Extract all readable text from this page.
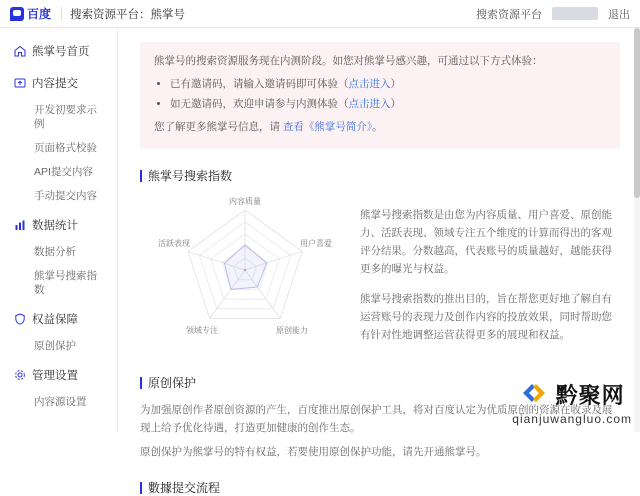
百度 搜索资源平台：熊掌号	搜索资源平台	退出
熊掌号首页
内容提交
开发初要求示例
页面格式校验
API提交内容
手动提交内容
数据统计
数据分析
熊掌号搜索指数
权益保障
原创保护
管理设置
内容源设置
熊掌号的搜索资源服务现在内测阶段。如您对熊掌号感兴趣，可通过以下方式体验：
• 已有邀请码，请输入邀请码即可体验（点击进入）
• 如无邀请码，欢迎申请参与内测体验（点击进入）
您了解更多熊掌号信息，请 查看《熊掌号简介》。
熊掌号搜索指数
内容质量
用户喜爱
原创能力
领域专注
活跃表现

熊掌号搜索指数是由您为内容质量、用户喜爱、原创能力、活跃表现、领域专注五个维度的计算而得出的客观评分结果。分数越高，代表账号的质量越好，越能获得更多的曝光与权益。

熊掌号搜索指数的推出目的，旨在帮您更好地了解自有运营账号的表现力及创作内容的投放效果，同时帮助您有针对性地调整运营获得更多的展现和权益。

原创保护

为加强原创作者原创资源的产生，百度推出原创保护工具，将对百度认定为优质原创的资源在收录及展现上给予优化待遇，打造更加健康的创作生态。

原创保护为熊掌号的特有权益，若要使用原创保护功能，请先开通熊掌号。

數據提交流程
黔聚网
qianjuwangluo.com
